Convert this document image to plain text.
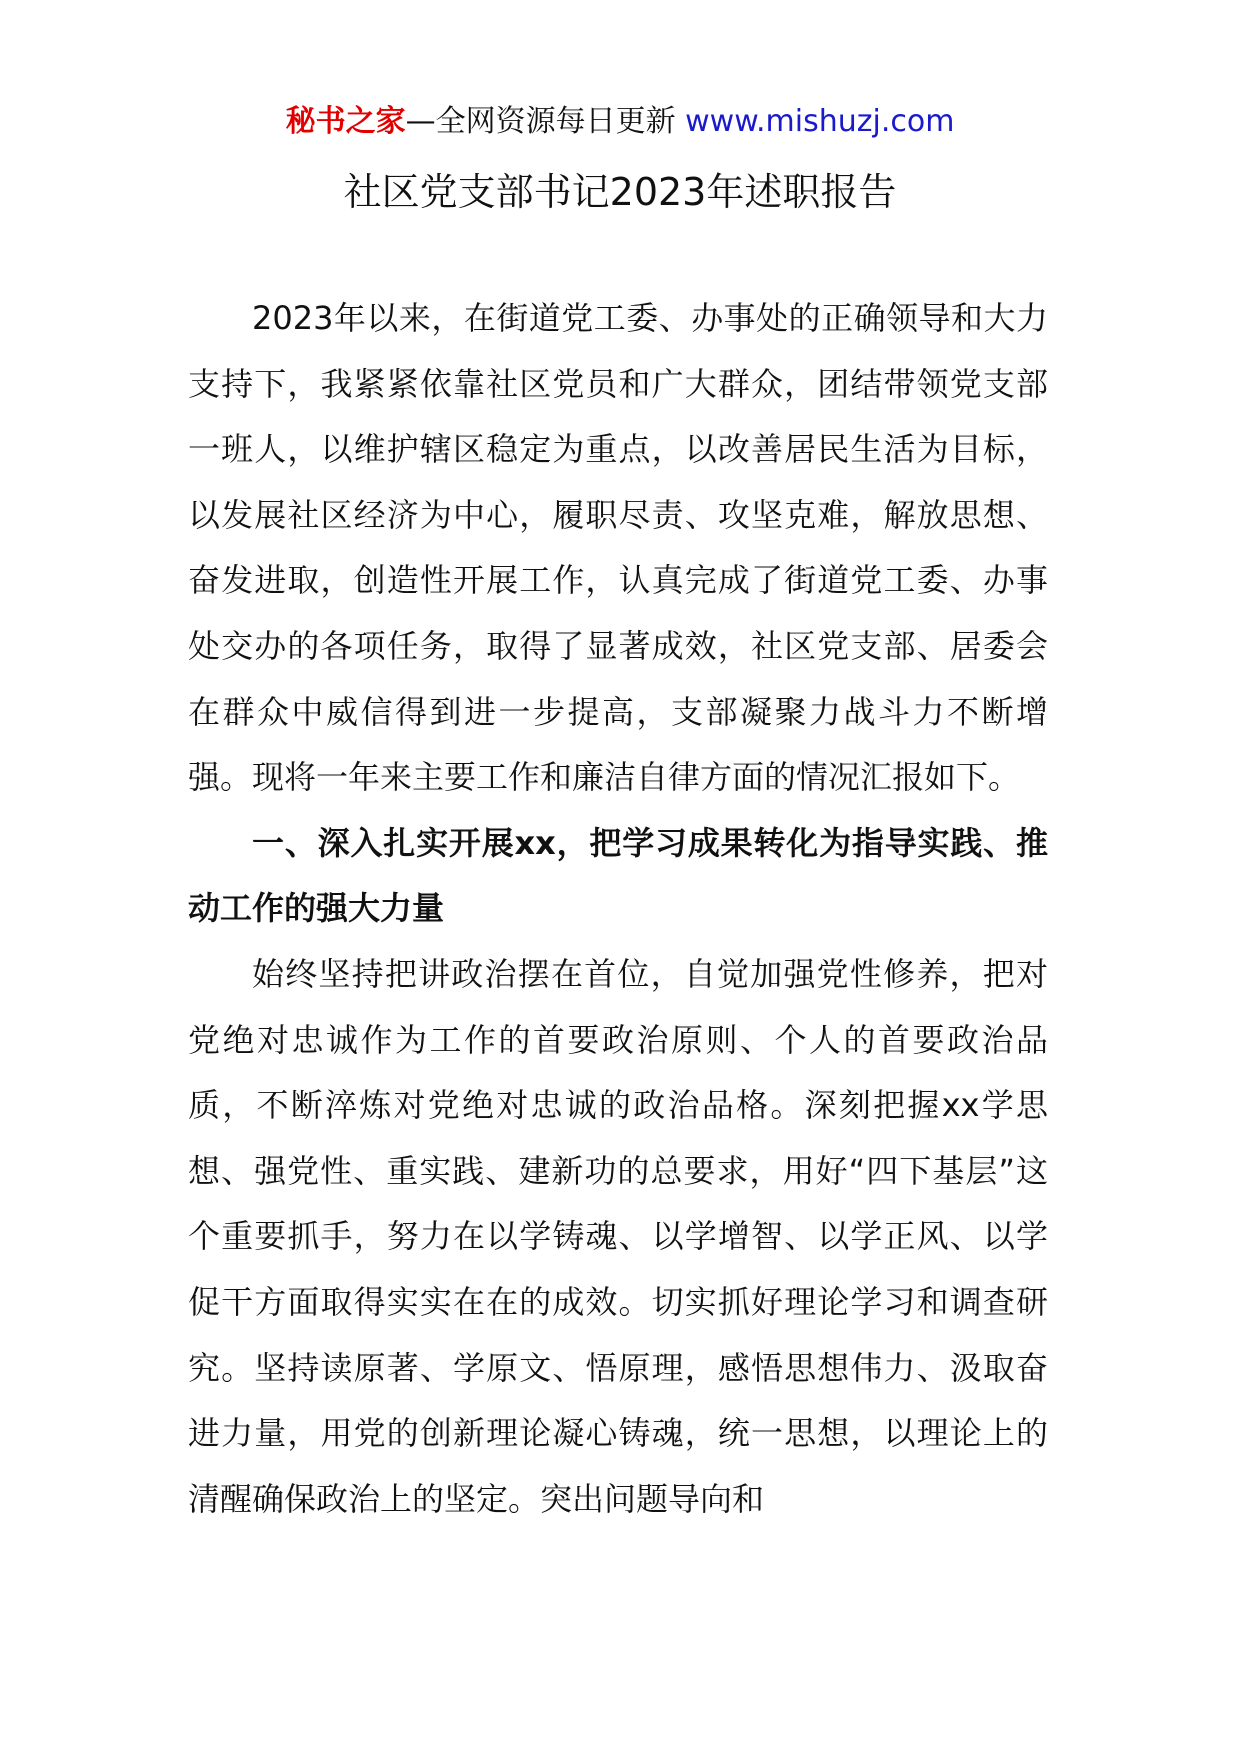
秘书之家—全网资源每日更新 www.mishuzj.com
社区党支部书记2023年述职报告

2023年以来，在街道党工委、办事处的正确领导和大力支持下，我紧紧依靠社区党员和广大群众，团结带领党支部一班人，以维护辖区稳定为重点，以改善居民生活为目标，以发展社区经济为中心，履职尽责、攻坚克难，解放思想、奋发进取，创造性开展工作，认真完成了街道党工委、办事处交办的各项任务，取得了显著成效，社区党支部、居委会在群众中威信得到进一步提高，支部凝聚力战斗力不断增强。现将一年来主要工作和廉洁自律方面的情况汇报如下。

一、深入扎实开展xx，把学习成果转化为指导实践、推动工作的强大力量

始终坚持把讲政治摆在首位，自觉加强党性修养，把对党绝对忠诚作为工作的首要政治原则、个人的首要政治品质，不断淬炼对党绝对忠诚的政治品格。深刻把握xx学思想、强党性、重实践、建新功的总要求，用好“四下基层”这个重要抓手，努力在以学铸魂、以学增智、以学正风、以学促干方面取得实实在在的成效。切实抓好理论学习和调查研究。坚持读原著、学原文、悟原理，感悟思想伟力、汲取奋进力量，用党的创新理论凝心铸魂，统一思想，以理论上的清醒确保政治上的坚定。突出问题导向和
